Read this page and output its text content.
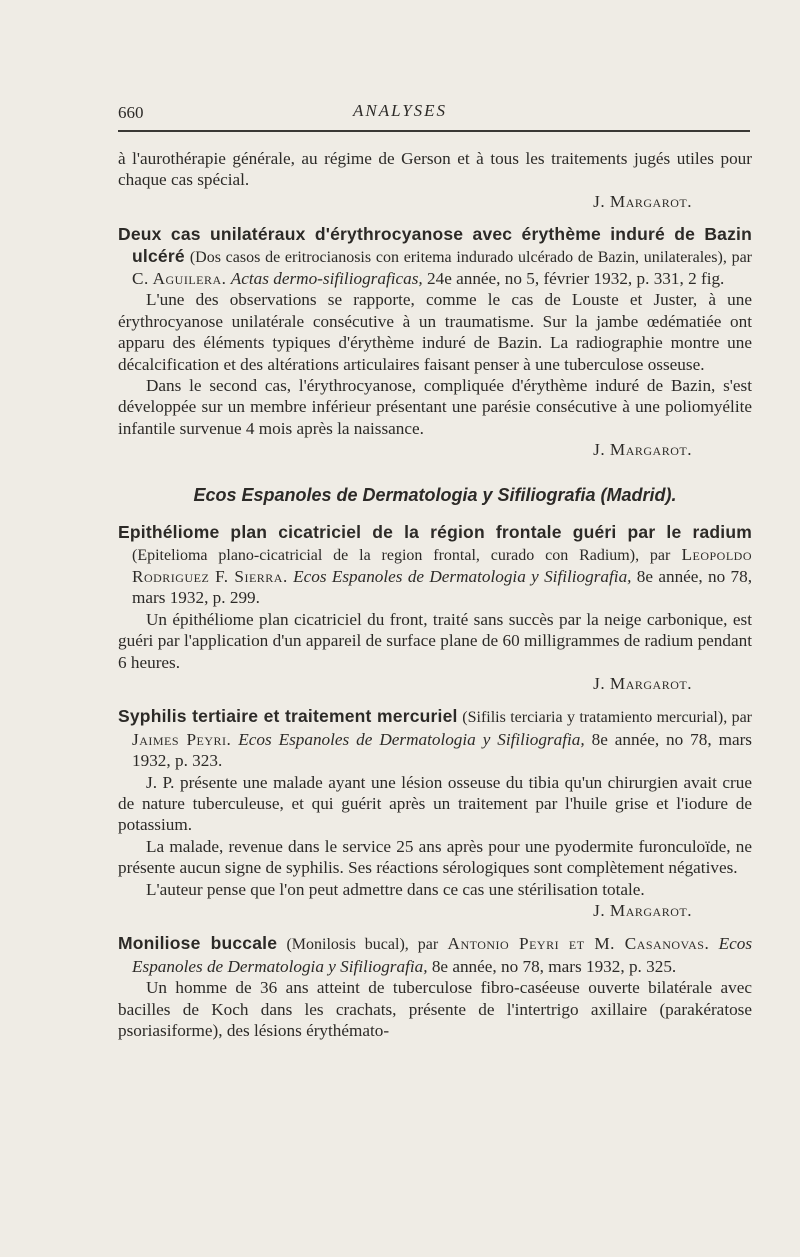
660	ANALYSES

à l'aurothérapie générale, au régime de Gerson et à tous les traitements jugés utiles pour chaque cas spécial.

J. Margarot.

Deux cas unilatéraux d'érythrocyanose avec érythème induré de Bazin ulcéré (Dos casos de eritrocianosis con eritema indurado ulcérado de Bazin, unilaterales), par C. Aguilera. Actas dermo-sifiliograficas, 24e année, no 5, février 1932, p. 331, 2 fig.

L'une des observations se rapporte, comme le cas de Louste et Juster, à une érythrocyanose unilatérale consécutive à un traumatisme. Sur la jambe œdématiée ont apparu des éléments typiques d'érythème induré de Bazin. La radiographie montre une décalcification et des altérations articulaires faisant penser à une tuberculose osseuse.

Dans le second cas, l'érythrocyanose, compliquée d'érythème induré de Bazin, s'est développée sur un membre inférieur présentant une parésie consécutive à une poliomyélite infantile survenue 4 mois après la naissance.

J. Margarot.

Ecos Espanoles de Dermatologia y Sifiliografia (Madrid).

Epithéliome plan cicatriciel de la région frontale guéri par le radium (Epitelioma plano-cicatricial de la region frontal, curado con Radium), par Leopoldo Rodriguez F. Sierra. Ecos Espanoles de Dermatologia y Sifiliografia, 8e année, no 78, mars 1932, p. 299.

Un épithéliome plan cicatriciel du front, traité sans succès par la neige carbonique, est guéri par l'application d'un appareil de surface plane de 60 milligrammes de radium pendant 6 heures.

J. Margarot.

Syphilis tertiaire et traitement mercuriel (Sifilis terciaria y tratamiento mercurial), par Jaimes Peyri. Ecos Espanoles de Dermatologia y Sifiliografia, 8e année, no 78, mars 1932, p. 323.

J. P. présente une malade ayant une lésion osseuse du tibia qu'un chirurgien avait crue de nature tuberculeuse, et qui guérit après un traitement par l'huile grise et l'iodure de potassium.

La malade, revenue dans le service 25 ans après pour une pyodermite furonculoïde, ne présente aucun signe de syphilis. Ses réactions sérologiques sont complètement négatives.

L'auteur pense que l'on peut admettre dans ce cas une stérilisation totale.

J. Margarot.

Moniliose buccale (Monilosis bucal), par Antonio Peyri et M. Casanovas. Ecos Espanoles de Dermatologia y Sifiliografia, 8e année, no 78, mars 1932, p. 325.

Un homme de 36 ans atteint de tuberculose fibro-caséeuse ouverte bilatérale avec bacilles de Koch dans les crachats, présente de l'intertrigo axillaire (parakératose psoriasiforme), des lésions érythémato-
